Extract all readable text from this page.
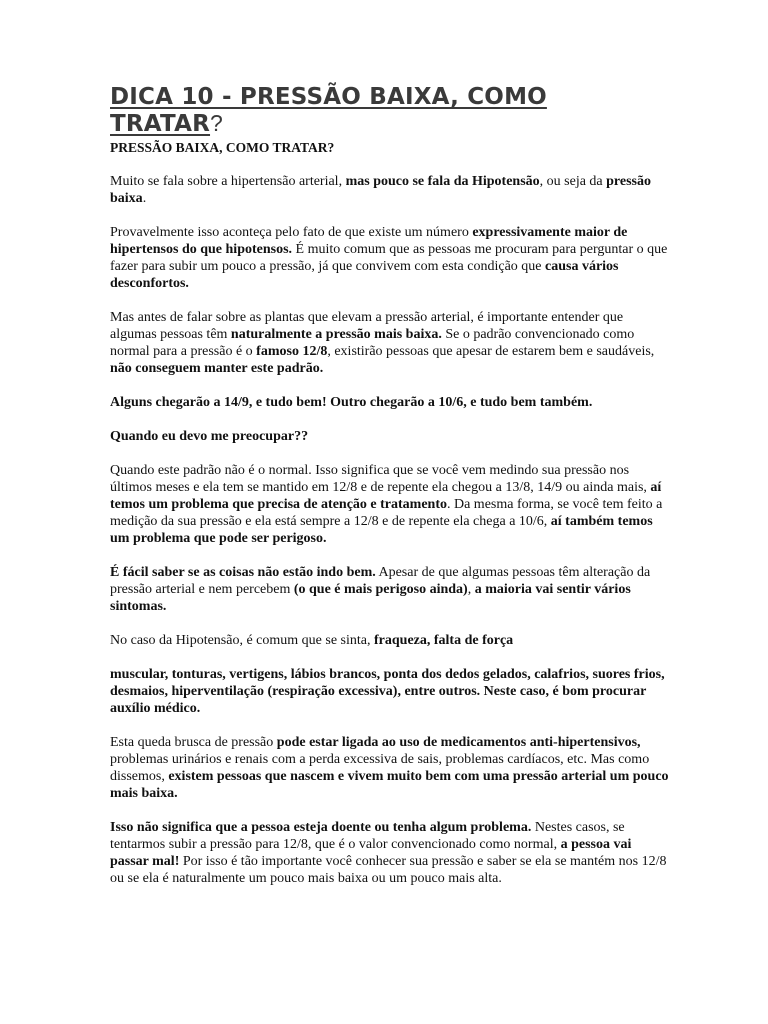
DICA 10 - PRESSÃO BAIXA, COMO
TRATAR?

PRESSÃO BAIXA, COMO TRATAR?

Muito se fala sobre a hipertensão arterial, mas pouco se fala da Hipotensão, ou seja da pressão baixa.

Provavelmente isso aconteça pelo fato de que existe um número expressivamente maior de hipertensos do que hipotensos. É muito comum que as pessoas me procuram para perguntar o que fazer para subir um pouco a pressão, já que convivem com esta condição que causa vários desconfortos.

Mas antes de falar sobre as plantas que elevam a pressão arterial, é importante entender que algumas pessoas têm naturalmente a pressão mais baixa. Se o padrão convencionado como normal para a pressão é o famoso 12/8, existirão pessoas que apesar de estarem bem e saudáveis, não conseguem manter este padrão.

Alguns chegarão a 14/9, e tudo bem! Outro chegarão a 10/6, e tudo bem também.

Quando eu devo me preocupar??

Quando este padrão não é o normal. Isso significa que se você vem medindo sua pressão nos últimos meses e ela tem se mantido em 12/8 e de repente ela chegou a 13/8, 14/9 ou ainda mais, aí temos um problema que precisa de atenção e tratamento. Da mesma forma, se você tem feito a medição da sua pressão e ela está sempre a 12/8 e de repente ela chega a 10/6, aí também temos um problema que pode ser perigoso.

É fácil saber se as coisas não estão indo bem. Apesar de que algumas pessoas têm alteração da pressão arterial e nem percebem (o que é mais perigoso ainda), a maioria vai sentir vários sintomas.

No caso da Hipotensão, é comum que se sinta, fraqueza, falta de força

muscular, tonturas, vertigens, lábios brancos, ponta dos dedos gelados, calafrios, suores frios, desmaios, hiperventilação (respiração excessiva), entre outros. Neste caso, é bom procurar auxílio médico.

Esta queda brusca de pressão pode estar ligada ao uso de medicamentos anti-hipertensivos, problemas urinários e renais com a perda excessiva de sais, problemas cardíacos, etc. Mas como dissemos, existem pessoas que nascem e vivem muito bem com uma pressão arterial um pouco mais baixa.

Isso não significa que a pessoa esteja doente ou tenha algum problema. Nestes casos, se tentarmos subir a pressão para 12/8, que é o valor convencionado como normal, a pessoa vai passar mal! Por isso é tão importante você conhecer sua pressão e saber se ela se mantém nos 12/8 ou se ela é naturalmente um pouco mais baixa ou um pouco mais alta.
